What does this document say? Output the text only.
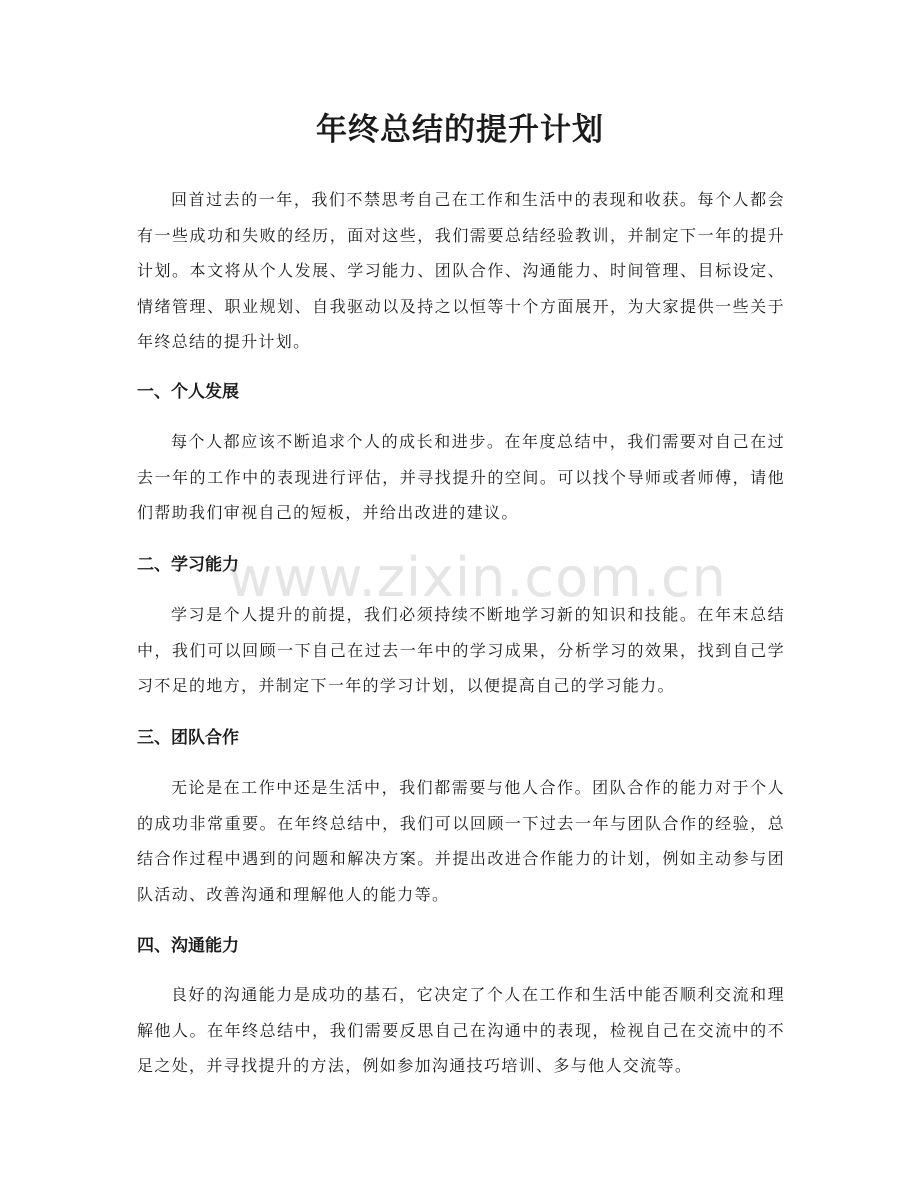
年终总结的提升计划

回首过去的一年，我们不禁思考自己在工作和生活中的表现和收获。每个人都会有一些成功和失败的经历，面对这些，我们需要总结经验教训，并制定下一年的提升计划。本文将从个人发展、学习能力、团队合作、沟通能力、时间管理、目标设定、情绪管理、职业规划、自我驱动以及持之以恒等十个方面展开，为大家提供一些关于年终总结的提升计划。

一、个人发展

每个人都应该不断追求个人的成长和进步。在年度总结中，我们需要对自己在过去一年的工作中的表现进行评估，并寻找提升的空间。可以找个导师或者师傅，请他们帮助我们审视自己的短板，并给出改进的建议。

二、学习能力

学习是个人提升的前提，我们必须持续不断地学习新的知识和技能。在年末总结中，我们可以回顾一下自己在过去一年中的学习成果，分析学习的效果，找到自己学习不足的地方，并制定下一年的学习计划，以便提高自己的学习能力。

三、团队合作

无论是在工作中还是生活中，我们都需要与他人合作。团队合作的能力对于个人的成功非常重要。在年终总结中，我们可以回顾一下过去一年与团队合作的经验，总结合作过程中遇到的问题和解决方案。并提出改进合作能力的计划，例如主动参与团队活动、改善沟通和理解他人的能力等。

四、沟通能力

良好的沟通能力是成功的基石，它决定了个人在工作和生活中能否顺利交流和理解他人。在年终总结中，我们需要反思自己在沟通中的表现，检视自己在交流中的不足之处，并寻找提升的方法，例如参加沟通技巧培训、多与他人交流等。

www.zixin.com.cn
